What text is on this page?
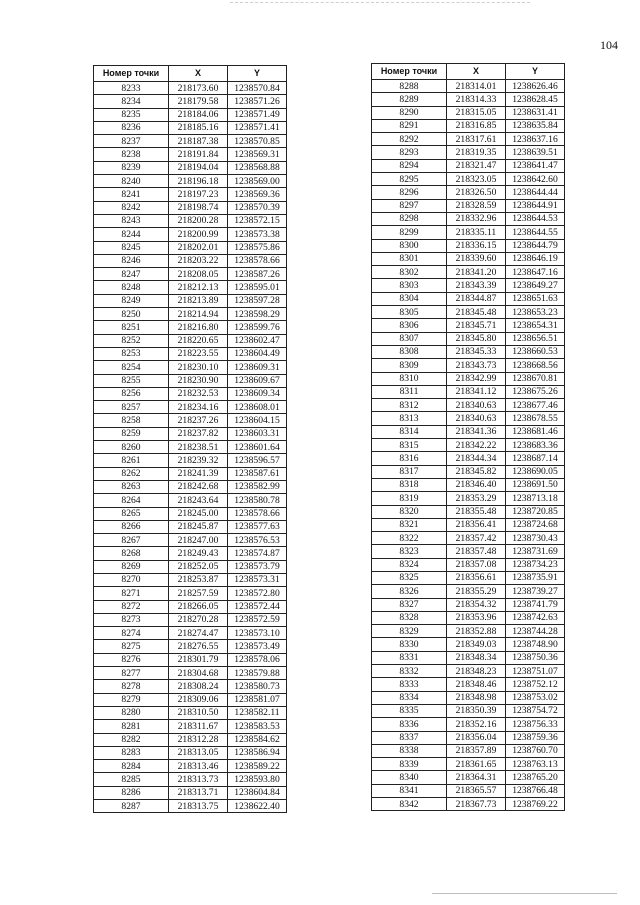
104
Номер точки	X	Y
8233	218173.60	1238570.84
8234	218179.58	1238571.26
8235	218184.06	1238571.49
8236	218185.16	1238571.41
8237	218187.38	1238570.85
8238	218191.84	1238569.31
8239	218194.04	1238568.88
8240	218196.18	1238569.00
8241	218197.23	1238569.36
8242	218198.74	1238570.39
8243	218200.28	1238572.15
8244	218200.99	1238573.38
8245	218202.01	1238575.86
8246	218203.22	1238578.66
8247	218208.05	1238587.26
8248	218212.13	1238595.01
8249	218213.89	1238597.28
8250	218214.94	1238598.29
8251	218216.80	1238599.76
8252	218220.65	1238602.47
8253	218223.55	1238604.49
8254	218230.10	1238609.31
8255	218230.90	1238609.67
8256	218232.53	1238609.34
8257	218234.16	1238608.01
8258	218237.26	1238604.15
8259	218237.82	1238603.31
8260	218238.51	1238601.64
8261	218239.32	1238596.57
8262	218241.39	1238587.61
8263	218242.68	1238582.99
8264	218243.64	1238580.78
8265	218245.00	1238578.66
8266	218245.87	1238577.63
8267	218247.00	1238576.53
8268	218249.43	1238574.87
8269	218252.05	1238573.79
8270	218253.87	1238573.31
8271	218257.59	1238572.80
8272	218266.05	1238572.44
8273	218270.28	1238572.59
8274	218274.47	1238573.10
8275	218276.55	1238573.49
8276	218301.79	1238578.06
8277	218304.68	1238579.88
8278	218308.24	1238580.73
8279	218309.06	1238581.07
8280	218310.50	1238582.11
8281	218311.67	1238583.53
8282	218312.28	1238584.62
8283	218313.05	1238586.94
8284	218313.46	1238589.22
8285	218313.73	1238593.80
8286	218313.71	1238604.84
8287	218313.75	1238622.40
Номер точки	X	Y
8288	218314.01	1238626.46
8289	218314.33	1238628.45
8290	218315.05	1238631.41
8291	218316.85	1238635.84
8292	218317.61	1238637.16
8293	218319.35	1238639.51
8294	218321.47	1238641.47
8295	218323.05	1238642.60
8296	218326.50	1238644.44
8297	218328.59	1238644.91
8298	218332.96	1238644.53
8299	218335.11	1238644.55
8300	218336.15	1238644.79
8301	218339.60	1238646.19
8302	218341.20	1238647.16
8303	218343.39	1238649.27
8304	218344.87	1238651.63
8305	218345.48	1238653.23
8306	218345.71	1238654.31
8307	218345.80	1238656.51
8308	218345.33	1238660.53
8309	218343.73	1238668.56
8310	218342.99	1238670.81
8311	218341.12	1238675.26
8312	218340.63	1238677.46
8313	218340.63	1238678.55
8314	218341.36	1238681.46
8315	218342.22	1238683.36
8316	218344.34	1238687.14
8317	218345.82	1238690.05
8318	218346.40	1238691.50
8319	218353.29	1238713.18
8320	218355.48	1238720.85
8321	218356.41	1238724.68
8322	218357.42	1238730.43
8323	218357.48	1238731.69
8324	218357.08	1238734.23
8325	218356.61	1238735.91
8326	218355.29	1238739.27
8327	218354.32	1238741.79
8328	218353.96	1238742.63
8329	218352.88	1238744.28
8330	218349.03	1238748.90
8331	218348.34	1238750.36
8332	218348.23	1238751.07
8333	218348.46	1238752.12
8334	218348.98	1238753.02
8335	218350.39	1238754.72
8336	218352.16	1238756.33
8337	218356.04	1238759.36
8338	218357.89	1238760.70
8339	218361.65	1238763.13
8340	218364.31	1238765.20
8341	218365.57	1238766.48
8342	218367.73	1238769.22
